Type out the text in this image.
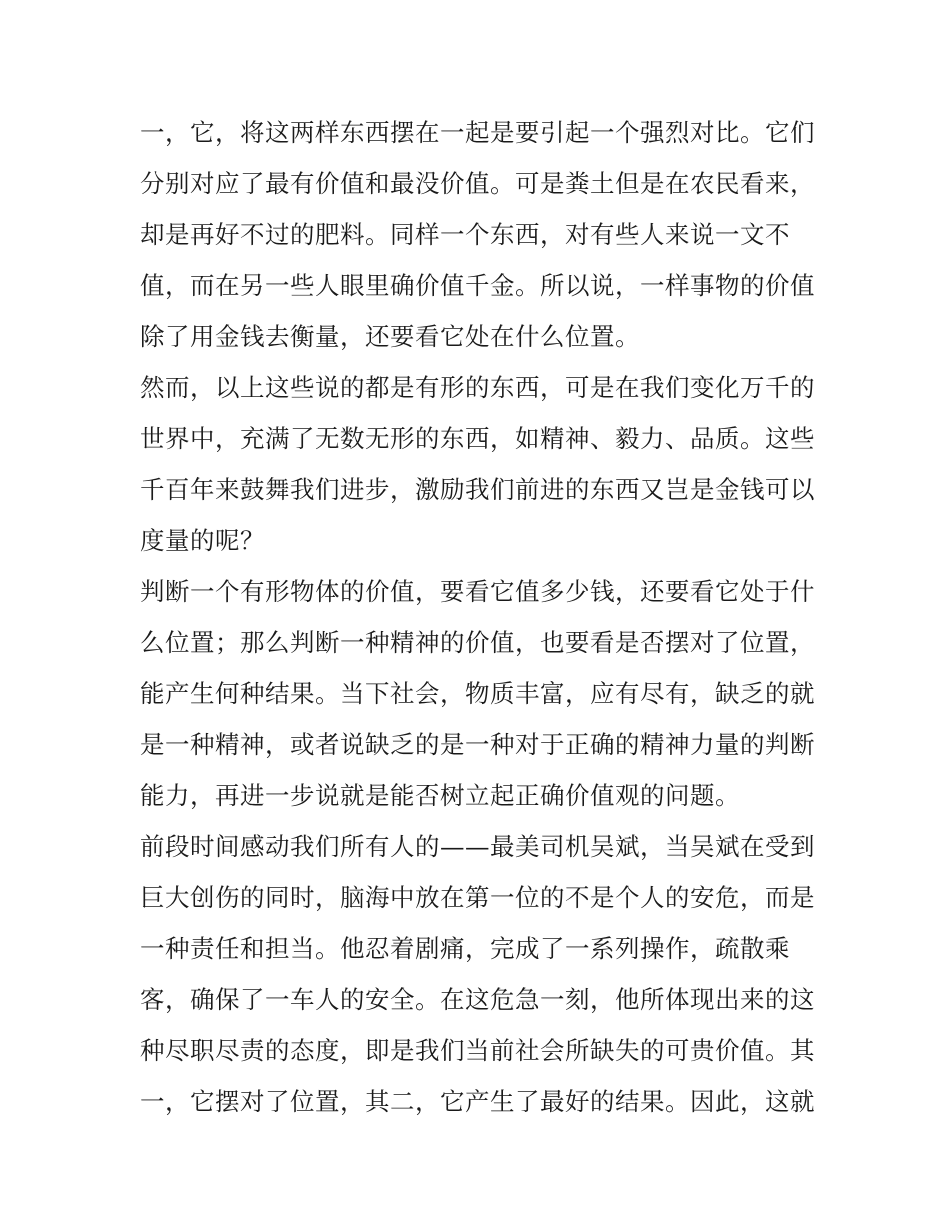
一，它，将这两样东西摆在一起是要引起一个强烈对比。它们
分别对应了最有价值和最没价值。可是粪土但是在农民看来，
却是再好不过的肥料。同样一个东西，对有些人来说一文不
值，而在另一些人眼里确价值千金。所以说，一样事物的价值
除了用金钱去衡量，还要看它处在什么位置。
然而，以上这些说的都是有形的东西，可是在我们变化万千的
世界中，充满了无数无形的东西，如精神、毅力、品质。这些
千百年来鼓舞我们进步，激励我们前进的东西又岂是金钱可以
度量的呢？
判断一个有形物体的价值，要看它值多少钱，还要看它处于什
么位置；那么判断一种精神的价值，也要看是否摆对了位置，
能产生何种结果。当下社会，物质丰富，应有尽有，缺乏的就
是一种精神，或者说缺乏的是一种对于正确的精神力量的判断
能力，再进一步说就是能否树立起正确价值观的问题。
前段时间感动我们所有人的——最美司机吴斌，当吴斌在受到
巨大创伤的同时，脑海中放在第一位的不是个人的安危，而是
一种责任和担当。他忍着剧痛，完成了一系列操作，疏散乘
客，确保了一车人的安全。在这危急一刻，他所体现出来的这
种尽职尽责的态度，即是我们当前社会所缺失的可贵价值。其
一，它摆对了位置，其二，它产生了最好的结果。因此，这就
